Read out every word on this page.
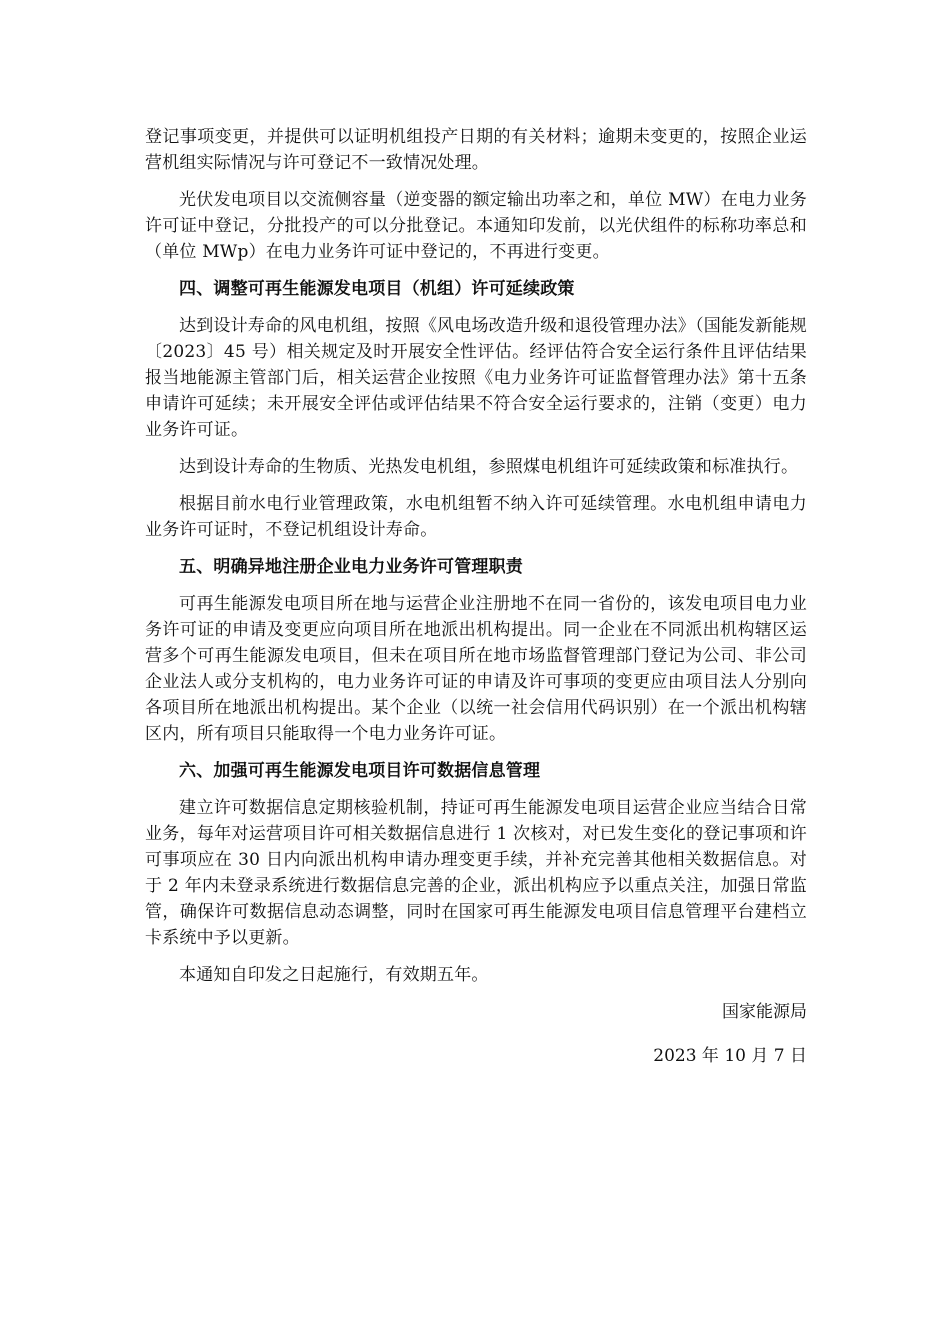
登记事项变更，并提供可以证明机组投产日期的有关材料；逾期未变更的，按照企业运营机组实际情况与许可登记不一致情况处理。

光伏发电项目以交流侧容量（逆变器的额定输出功率之和，单位 MW）在电力业务许可证中登记，分批投产的可以分批登记。本通知印发前，以光伏组件的标称功率总和（单位 MWp）在电力业务许可证中登记的，不再进行变更。

四、调整可再生能源发电项目（机组）许可延续政策

达到设计寿命的风电机组，按照《风电场改造升级和退役管理办法》（国能发新能规〔2023〕45 号）相关规定及时开展安全性评估。经评估符合安全运行条件且评估结果报当地能源主管部门后，相关运营企业按照《电力业务许可证监督管理办法》第十五条申请许可延续；未开展安全评估或评估结果不符合安全运行要求的，注销（变更）电力业务许可证。

达到设计寿命的生物质、光热发电机组，参照煤电机组许可延续政策和标准执行。

根据目前水电行业管理政策，水电机组暂不纳入许可延续管理。水电机组申请电力业务许可证时，不登记机组设计寿命。

五、明确异地注册企业电力业务许可管理职责

可再生能源发电项目所在地与运营企业注册地不在同一省份的，该发电项目电力业务许可证的申请及变更应向项目所在地派出机构提出。同一企业在不同派出机构辖区运营多个可再生能源发电项目，但未在项目所在地市场监督管理部门登记为公司、非公司企业法人或分支机构的，电力业务许可证的申请及许可事项的变更应由项目法人分别向各项目所在地派出机构提出。某个企业（以统一社会信用代码识别）在一个派出机构辖区内，所有项目只能取得一个电力业务许可证。

六、加强可再生能源发电项目许可数据信息管理

建立许可数据信息定期核验机制，持证可再生能源发电项目运营企业应当结合日常业务，每年对运营项目许可相关数据信息进行 1 次核对，对已发生变化的登记事项和许可事项应在 30 日内向派出机构申请办理变更手续，并补充完善其他相关数据信息。对于 2 年内未登录系统进行数据信息完善的企业，派出机构应予以重点关注，加强日常监管，确保许可数据信息动态调整，同时在国家可再生能源发电项目信息管理平台建档立卡系统中予以更新。

本通知自印发之日起施行，有效期五年。

国家能源局

2023 年 10 月 7 日
